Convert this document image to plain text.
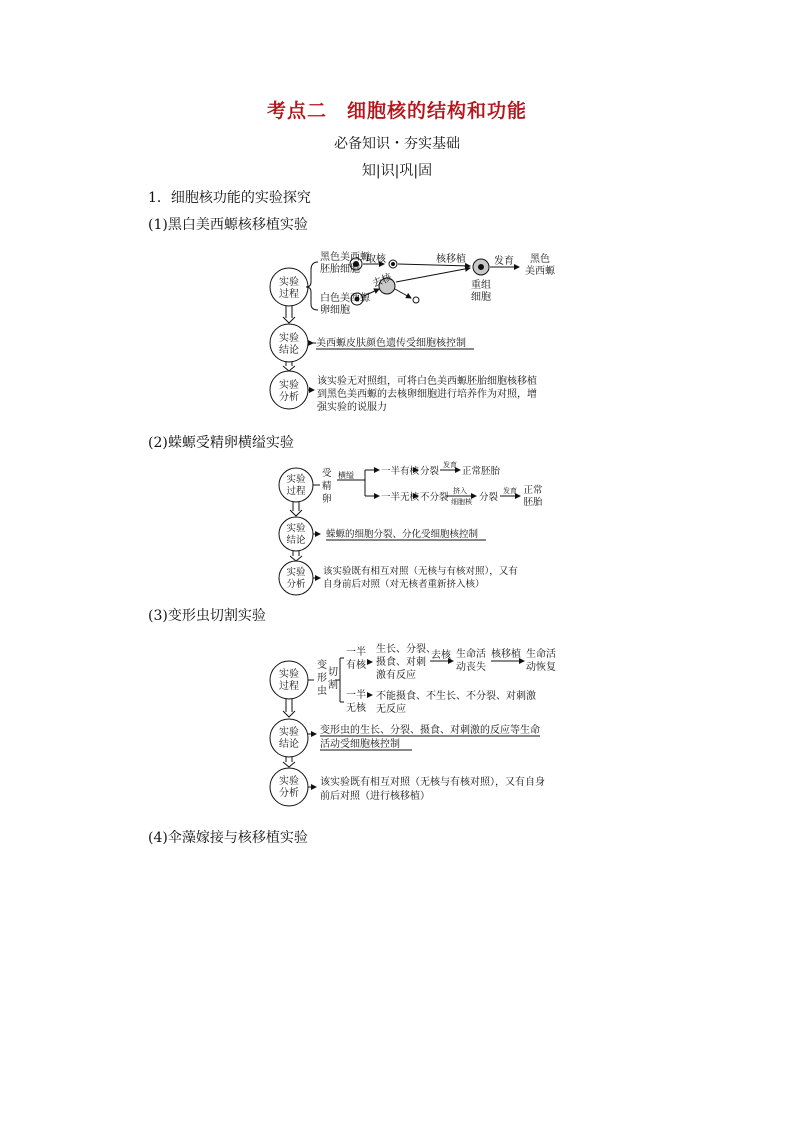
考点二　细胞核的结构和功能
必备知识・夯实基础
知|识|巩|固
1．细胞核功能的实验探究
(1)黑白美西螈核移植实验
(2)蝾螈受精卵横缢实验
(3)变形虫切割实验
(4)伞藻嫁接与核移植实验
实验
过程
实验
结论
实验
分析
黑色美西螈
胚胎细胞
白色美西螈
卵细胞
取核
去核
核移植
重组
细胞
发育 黑色
美西螈
美西螈皮肤颜色遗传受细胞核控制
该实验无对照组，可将白色美西螈胚胎细胞核移植
到黑色美西螈的去核卵细胞进行培养作为对照，增
强实验的说服力
实验
过程
实验
结论
实验
分析
受
精
卵
横缢	一半有核 分裂
发育
正常胚胎
一半无核 不分裂
挤入
细胞核 分裂
发育 正常
胚胎
蝾螈的细胞分裂、分化受细胞核控制
该实验既有相互对照（无核与有核对照），又有
自身前后对照（对无核者重新挤入核）
实验
过程
实验
结论
实验
分析
变
形
虫
切
割
一半
有核
生长、分裂、
摄食、对刺
激有反应
去核 生命活
动丧失
核移植 生命活
动恢复
一半
无核
不能摄食、不生长、不分裂、对刺激
无反应
变形虫的生长、分裂、摄食、对刺激的反应等生命
活动受细胞核控制
该实验既有相互对照（无核与有核对照），又有自身
前后对照（进行核移植）
